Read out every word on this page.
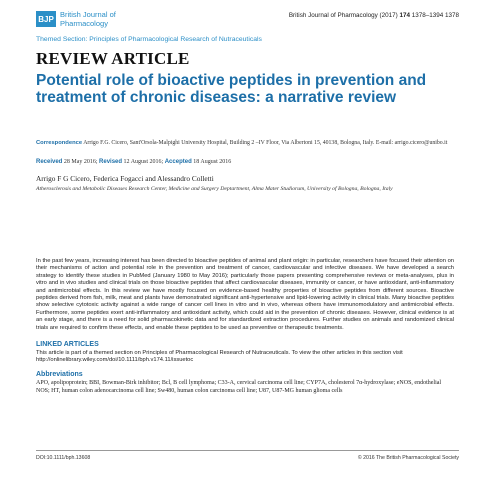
BJP British Journal of
Pharmacology
British Journal of Pharmacology (2017) 174 1378–1394 1378
Themed Section: Principles of Pharmacological Research of Nutraceuticals
REVIEW ARTICLE
Potential role of bioactive peptides in prevention and treatment of chronic diseases: a narrative review
Correspondence Arrigo F.G. Cicero, Sant'Orsola-Malpighi University Hospital, Building 2 –IV Floor, Via Albertoni 15, 40138, Bologna, Italy. E-mail: arrigo.cicero@unibo.it
Received 28 May 2016; Revised 12 August 2016; Accepted 18 August 2016
Arrigo F G Cicero, Federica Fogacci and Alessandro Colletti
Atherosclerosis and Metabolic Diseases Research Center, Medicine and Surgery Deptartment, Alma Mater Studiorum, University of Bologna, Bologna, Italy
In the past few years, increasing interest has been directed to bioactive peptides of animal and plant origin: in particular, researchers have focused their attention on their mechanisms of action and potential role in the prevention and treatment of cancer, cardiovascular and infective diseases. We have developed a search strategy to identify these studies in PubMed (January 1980 to May 2016); particularly those papers presenting comprehensive reviews or meta-analyses, plus in vitro and in vivo studies and clinical trials on those bioactive peptides that affect cardiovascular diseases, immunity or cancer, or have antioxidant, anti-inflammatory and antimicrobial effects. In this review we have mostly focused on evidence-based healthy properties of bioactive peptides from different sources. Bioactive peptides derived from fish, milk, meat and plants have demonstrated significant anti-hypertensive and lipid-lowering activity in clinical trials. Many bioactive peptides show selective cytotoxic activity against a wide range of cancer cell lines in vitro and in vivo, whereas others have immunomodulatory and antimicrobial effects. Furthermore, some peptides exert anti-inflammatory and antioxidant activity, which could aid in the prevention of chronic diseases. However, clinical evidence is at an early stage, and there is a need for solid pharmacokinetic data and for standardized extraction procedures. Further studies on animals and randomized clinical trials are required to confirm these effects, and enable these peptides to be used as preventive or therapeutic treatments.
LINKED ARTICLES
This article is part of a themed section on Principles of Pharmacological Research of Nutraceuticals. To view the other articles in this section visit http://onlinelibrary.wiley.com/doi/10.1111/bph.v174.11/issuetoc
Abbreviations
APO, apolipoprotein; BBI, Bowman-Birk inhibitor; Bcl, B cell lymphoma; C33-A, cervical carcinoma cell line; CYP7A, cholesterol 7α-hydroxylase; eNOS, endothelial NOS; HT, human colon adenocarcinoma cell line; Sw480, human colon carcinoma cell line; U87, U87-MG human glioma cells
DOI:10.1111/bph.13608	© 2016 The British Pharmacological Society
